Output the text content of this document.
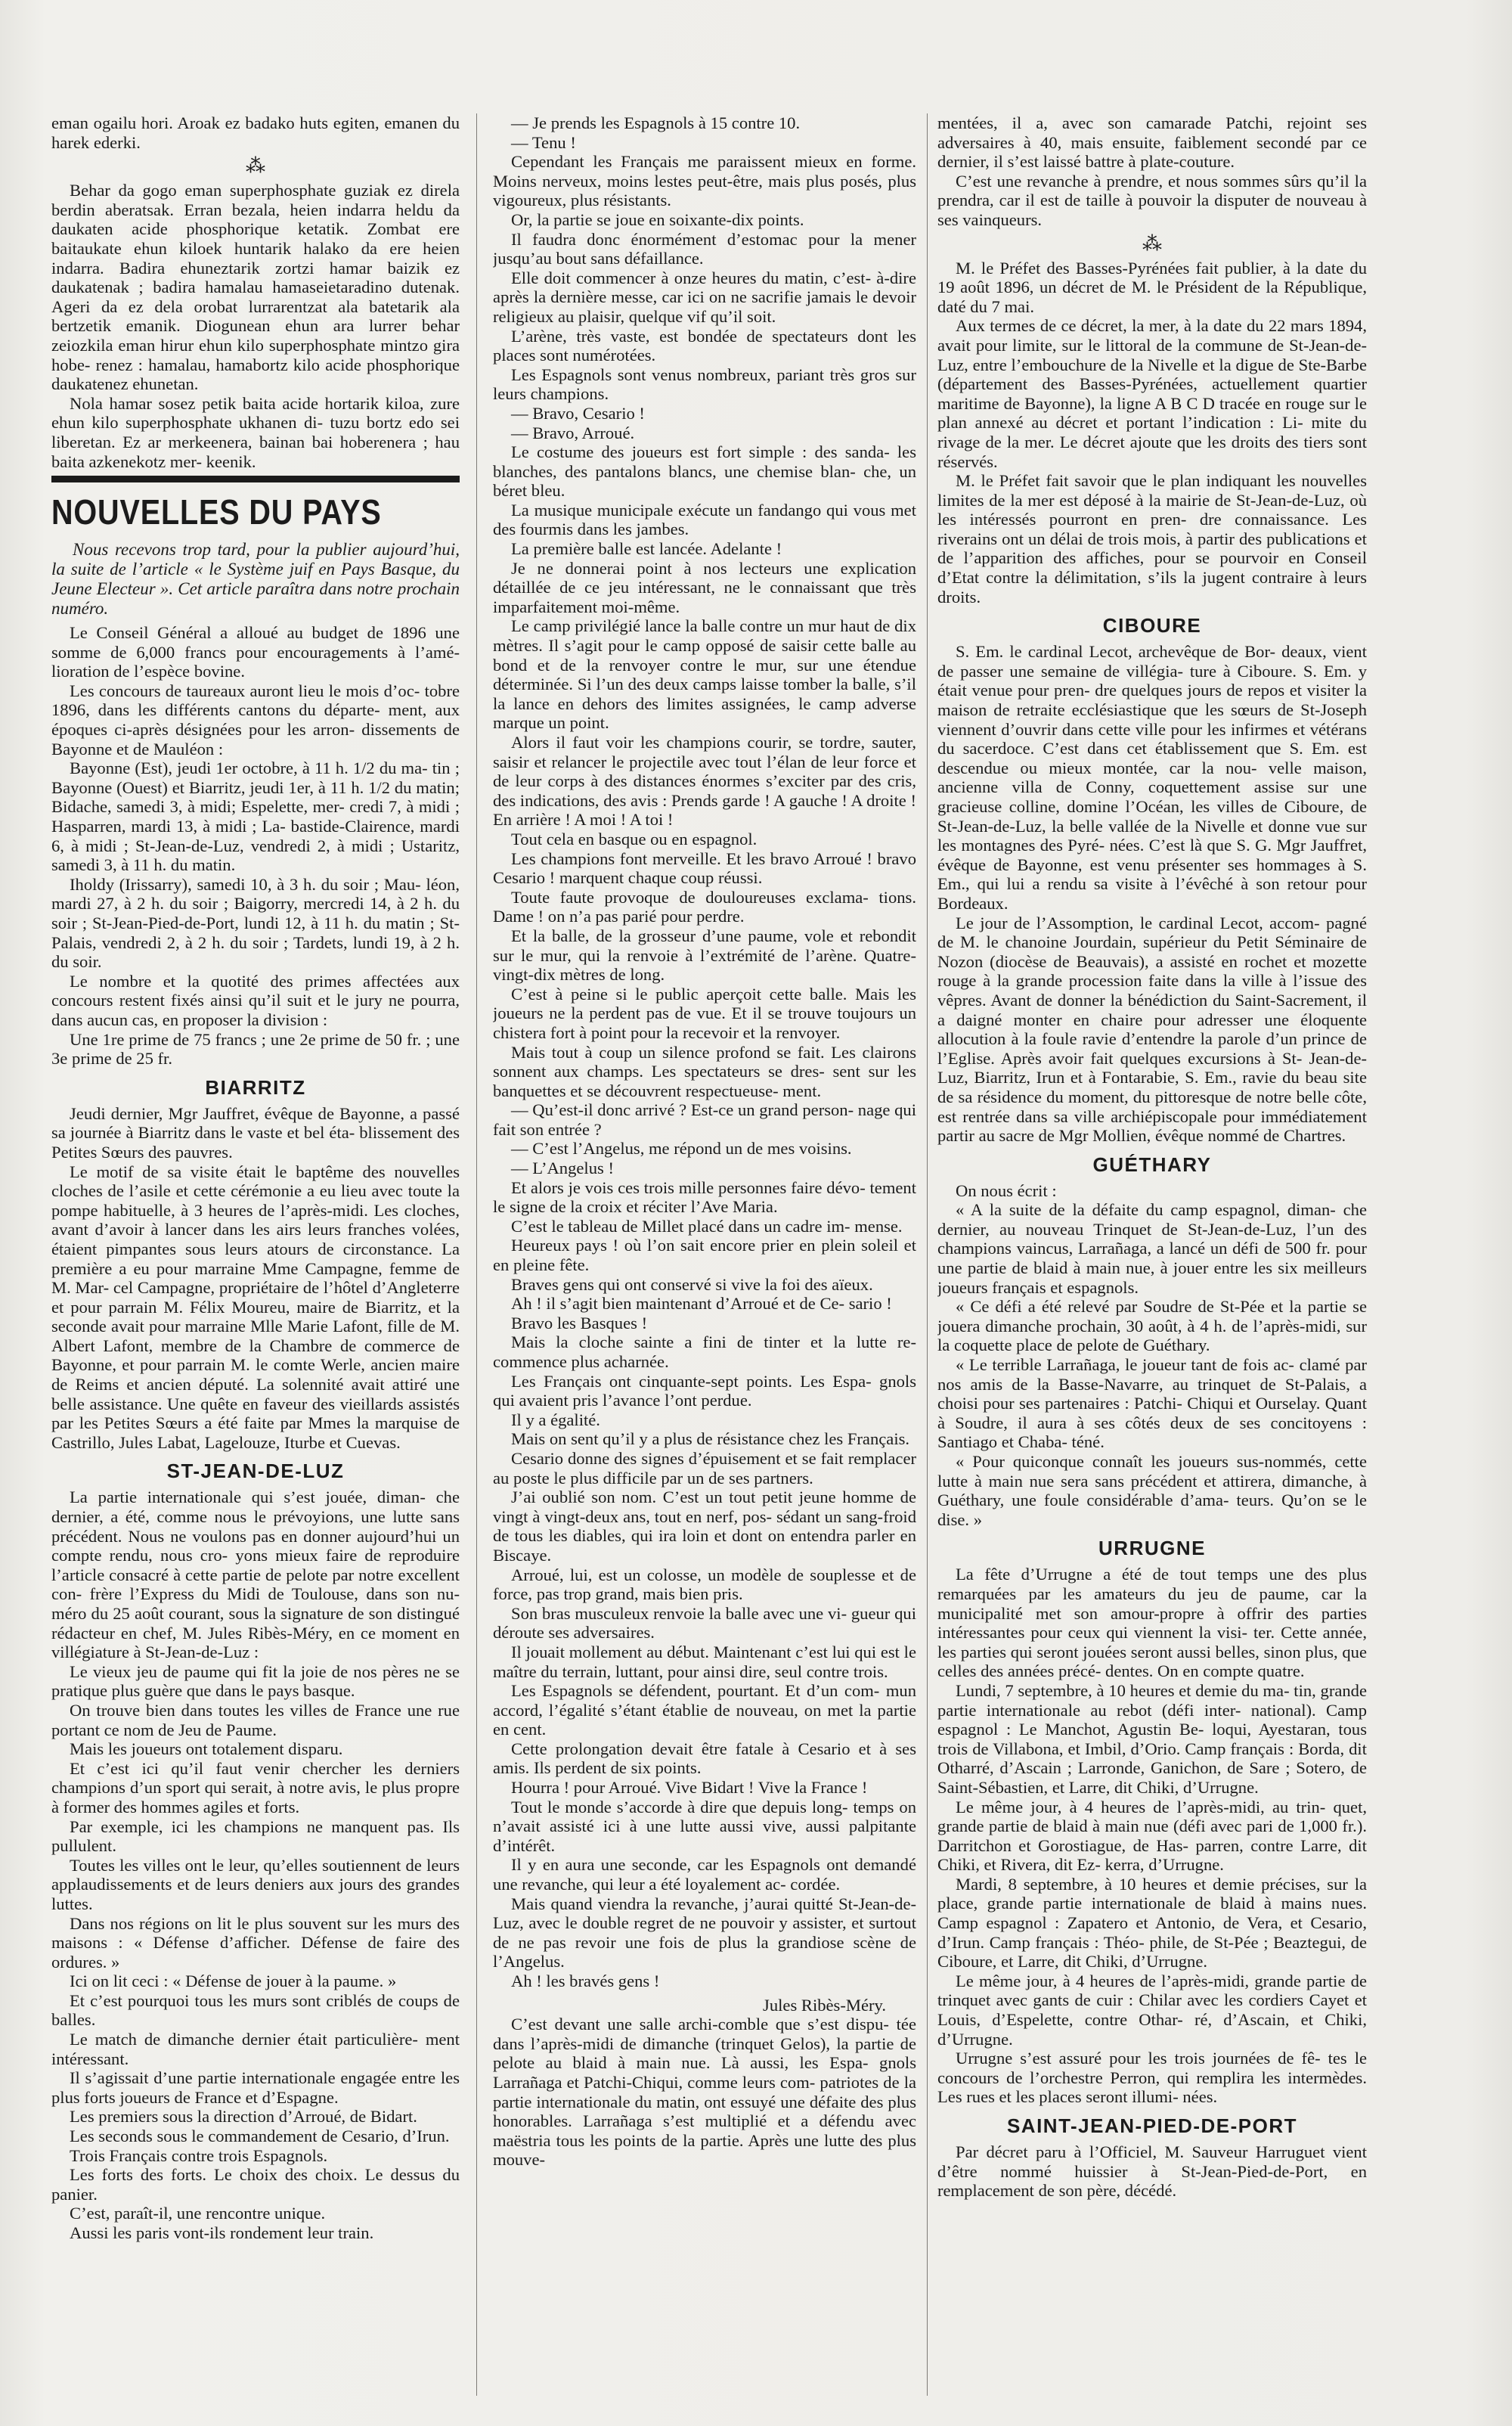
eman ogailu hori. Aroak ez badako huts egiten, emanen du harek ederki.

⁂

Behar da gogo eman superphosphate guziak ez direla berdin aberatsak. Erran bezala, heien indarra heldu da daukaten acide phosphorique ketatik. Zombat ere baitaukate ehun kiloek huntarik halako da ere heien indarra. Badira ehuneztarik zortzi hamar baizik ez daukatenak ; badira hamalau hamaseietaradino dutenak. Ageri da ez dela orobat lurrarentzat ala batetarik ala bertzetik emanik. Diogunean ehun ara lurrer behar zeiozkila eman hirur ehun kilo superphosphate mintzo gira hobe- renez : hamalau, hamabortz kilo acide phosphorique daukatenez ehunetan.

Nola hamar sosez petik baita acide hortarik kiloa, zure ehun kilo superphosphate ukhanen di- tuzu bortz edo sei liberetan. Ez ar merkeenera, bainan bai hoberenera ; hau baita azkenekotz mer- keenik.

NOUVELLES DU PAYS
Nous recevons trop tard, pour la publier aujourd’hui, la suite de l’article « le Système juif en Pays Basque, du Jeune Electeur ». Cet article paraîtra dans notre prochain numéro.

Le Conseil Général a alloué au budget de 1896 une somme de 6,000 francs pour encouragements à l’amé- lioration de l’espèce bovine.

Les concours de taureaux auront lieu le mois d’oc- tobre 1896, dans les différents cantons du départe- ment, aux époques ci-après désignées pour les arron- dissements de Bayonne et de Mauléon :

Bayonne (Est), jeudi 1er octobre, à 11 h. 1/2 du ma- tin ; Bayonne (Ouest) et Biarritz, jeudi 1er, à 11 h. 1/2 du matin; Bidache, samedi 3, à midi; Espelette, mer- credi 7, à midi ; Hasparren, mardi 13, à midi ; La- bastide-Clairence, mardi 6, à midi ; St-Jean-de-Luz, vendredi 2, à midi ; Ustaritz, samedi 3, à 11 h. du matin.

Iholdy (Irissarry), samedi 10, à 3 h. du soir ; Mau- léon, mardi 27, à 2 h. du soir ; Baigorry, mercredi 14, à 2 h. du soir ; St-Jean-Pied-de-Port, lundi 12, à 11 h. du matin ; St-Palais, vendredi 2, à 2 h. du soir ; Tardets, lundi 19, à 2 h. du soir.

Le nombre et la quotité des primes affectées aux concours restent fixés ainsi qu’il suit et le jury ne pourra, dans aucun cas, en proposer la division :

Une 1re prime de 75 francs ; une 2e prime de 50 fr. ; une 3e prime de 25 fr.

BIARRITZ

Jeudi dernier, Mgr Jauffret, évêque de Bayonne, a passé sa journée à Biarritz dans le vaste et bel éta- blissement des Petites Sœurs des pauvres.

Le motif de sa visite était le baptême des nouvelles cloches de l’asile et cette cérémonie a eu lieu avec toute la pompe habituelle, à 3 heures de l’après-midi. Les cloches, avant d’avoir à lancer dans les airs leurs franches volées, étaient pimpantes sous leurs atours de circonstance. La première a eu pour marraine Mme Campagne, femme de M. Mar- cel Campagne, propriétaire de l’hôtel d’Angleterre et pour parrain M. Félix Moureu, maire de Biarritz, et la seconde avait pour marraine Mlle Marie Lafont, fille de M. Albert Lafont, membre de la Chambre de commerce de Bayonne, et pour parrain M. le comte Werle, ancien maire de Reims et ancien député. La solennité avait attiré une belle assistance. Une quête en faveur des vieillards assistés par les Petites Sœurs a été faite par Mmes la marquise de Castrillo, Jules Labat, Lagelouze, Iturbe et Cuevas.

ST-JEAN-DE-LUZ

La partie internationale qui s’est jouée, diman- che dernier, a été, comme nous le prévoyions, une lutte sans précédent. Nous ne voulons pas en donner aujourd’hui un compte rendu, nous cro- yons mieux faire de reproduire l’article consacré à cette partie de pelote par notre excellent con- frère l’Express du Midi de Toulouse, dans son nu- méro du 25 août courant, sous la signature de son distingué rédacteur en chef, M. Jules Ribès-Méry, en ce moment en villégiature à St-Jean-de-Luz :

Le vieux jeu de paume qui fit la joie de nos pères ne se pratique plus guère que dans le pays basque.

On trouve bien dans toutes les villes de France une rue portant ce nom de Jeu de Paume.

Mais les joueurs ont totalement disparu.

Et c’est ici qu’il faut venir chercher les derniers champions d’un sport qui serait, à notre avis, le plus propre à former des hommes agiles et forts.

Par exemple, ici les champions ne manquent pas. Ils pullulent.

Toutes les villes ont le leur, qu’elles soutiennent de leurs applaudissements et de leurs deniers aux jours des grandes luttes.

Dans nos régions on lit le plus souvent sur les murs des maisons : « Défense d’afficher. Défense de faire des ordures. »

Ici on lit ceci : « Défense de jouer à la paume. »

Et c’est pourquoi tous les murs sont criblés de coups de balles.

Le match de dimanche dernier était particulière- ment intéressant.

Il s’agissait d’une partie internationale engagée entre les plus forts joueurs de France et d’Espagne.

Les premiers sous la direction d’Arroué, de Bidart.

Les seconds sous le commandement de Cesario, d’Irun.

Trois Français contre trois Espagnols.

Les forts des forts. Le choix des choix. Le dessus du panier.

C’est, paraît-il, une rencontre unique.

Aussi les paris vont-ils rondement leur train.

— Je prends les Espagnols à 15 contre 10.

— Tenu !

Cependant les Français me paraissent mieux en forme. Moins nerveux, moins lestes peut-être, mais plus posés, plus vigoureux, plus résistants.

Or, la partie se joue en soixante-dix points.

Il faudra donc énormément d’estomac pour la mener jusqu’au bout sans défaillance.

Elle doit commencer à onze heures du matin, c’est- à-dire après la dernière messe, car ici on ne sacrifie jamais le devoir religieux au plaisir, quelque vif qu’il soit.

L’arène, très vaste, est bondée de spectateurs dont les places sont numérotées.

Les Espagnols sont venus nombreux, pariant très gros sur leurs champions.

— Bravo, Cesario !

— Bravo, Arroué.

Le costume des joueurs est fort simple : des sanda- les blanches, des pantalons blancs, une chemise blan- che, un béret bleu.

La musique municipale exécute un fandango qui vous met des fourmis dans les jambes.

La première balle est lancée. Adelante !

Je ne donnerai point à nos lecteurs une explication détaillée de ce jeu intéressant, ne le connaissant que très imparfaitement moi-même.

Le camp privilégié lance la balle contre un mur haut de dix mètres. Il s’agit pour le camp opposé de saisir cette balle au bond et de la renvoyer contre le mur, sur une étendue déterminée. Si l’un des deux camps laisse tomber la balle, s’il la lance en dehors des limites assignées, le camp adverse marque un point.

Alors il faut voir les champions courir, se tordre, sauter, saisir et relancer le projectile avec tout l’élan de leur force et de leur corps à des distances énormes s’exciter par des cris, des indications, des avis : Prends garde ! A gauche ! A droite ! En arrière ! A moi ! A toi !

Tout cela en basque ou en espagnol.

Les champions font merveille. Et les bravo Arroué ! bravo Cesario ! marquent chaque coup réussi.

Toute faute provoque de douloureuses exclama- tions. Dame ! on n’a pas parié pour perdre.

Et la balle, de la grosseur d’une paume, vole et rebondit sur le mur, qui la renvoie à l’extrémité de l’arène. Quatre-vingt-dix mètres de long.

C’est à peine si le public aperçoit cette balle. Mais les joueurs ne la perdent pas de vue. Et il se trouve toujours un chistera fort à point pour la recevoir et la renvoyer.

Mais tout à coup un silence profond se fait. Les clairons sonnent aux champs. Les spectateurs se dres- sent sur les banquettes et se découvrent respectueuse- ment.

— Qu’est-il donc arrivé ? Est-ce un grand person- nage qui fait son entrée ?

— C’est l’Angelus, me répond un de mes voisins.

— L’Angelus !

Et alors je vois ces trois mille personnes faire dévo- tement le signe de la croix et réciter l’Ave Maria.

C’est le tableau de Millet placé dans un cadre im- mense.

Heureux pays ! où l’on sait encore prier en plein soleil et en pleine fête.

Braves gens qui ont conservé si vive la foi des aïeux.

Ah ! il s’agit bien maintenant d’Arroué et de Ce- sario !

Bravo les Basques !

Mais la cloche sainte a fini de tinter et la lutte re- commence plus acharnée.

Les Français ont cinquante-sept points. Les Espa- gnols qui avaient pris l’avance l’ont perdue.

Il y a égalité.

Mais on sent qu’il y a plus de résistance chez les Français.

Cesario donne des signes d’épuisement et se fait remplacer au poste le plus difficile par un de ses partners.

J’ai oublié son nom. C’est un tout petit jeune homme de vingt à vingt-deux ans, tout en nerf, pos- sédant un sang-froid de tous les diables, qui ira loin et dont on entendra parler en Biscaye.

Arroué, lui, est un colosse, un modèle de souplesse et de force, pas trop grand, mais bien pris.

Son bras musculeux renvoie la balle avec une vi- gueur qui déroute ses adversaires.

Il jouait mollement au début. Maintenant c’est lui qui est le maître du terrain, luttant, pour ainsi dire, seul contre trois.

Les Espagnols se défendent, pourtant. Et d’un com- mun accord, l’égalité s’étant établie de nouveau, on met la partie en cent.

Cette prolongation devait être fatale à Cesario et à ses amis. Ils perdent de six points.

Hourra ! pour Arroué. Vive Bidart ! Vive la France !

Tout le monde s’accorde à dire que depuis long- temps on n’avait assisté ici à une lutte aussi vive, aussi palpitante d’intérêt.

Il y en aura une seconde, car les Espagnols ont demandé une revanche, qui leur a été loyalement ac- cordée.

Mais quand viendra la revanche, j’aurai quitté St-Jean-de-Luz, avec le double regret de ne pouvoir y assister, et surtout de ne pas revoir une fois de plus la grandiose scène de l’Angelus.

Ah ! les bravés gens !

Jules Ribès-Méry.

C’est devant une salle archi-comble que s’est dispu- tée dans l’après-midi de dimanche (trinquet Gelos), la partie de pelote au blaid à main nue. Là aussi, les Espa- gnols Larrañaga et Patchi-Chiqui, comme leurs com- patriotes de la partie internationale du matin, ont essuyé une défaite des plus honorables. Larrañaga s’est multiplié et a défendu avec maëstria tous les points de la partie. Après une lutte des plus mouve-

mentées, il a, avec son camarade Patchi, rejoint ses adversaires à 40, mais ensuite, faiblement secondé par ce dernier, il s’est laissé battre à plate-couture.

C’est une revanche à prendre, et nous sommes sûrs qu’il la prendra, car il est de taille à pouvoir la disputer de nouveau à ses vainqueurs.

⁂

M. le Préfet des Basses-Pyrénées fait publier, à la date du 19 août 1896, un décret de M. le Président de la République, daté du 7 mai.

Aux termes de ce décret, la mer, à la date du 22 mars 1894, avait pour limite, sur le littoral de la commune de St-Jean-de-Luz, entre l’embouchure de la Nivelle et la digue de Ste-Barbe (département des Basses-Pyrénées, actuellement quartier maritime de Bayonne), la ligne A B C D tracée en rouge sur le plan annexé au décret et portant l’indication : Li- mite du rivage de la mer. Le décret ajoute que les droits des tiers sont réservés.

M. le Préfet fait savoir que le plan indiquant les nouvelles limites de la mer est déposé à la mairie de St-Jean-de-Luz, où les intéressés pourront en pren- dre connaissance. Les riverains ont un délai de trois mois, à partir des publications et de l’apparition des affiches, pour se pourvoir en Conseil d’Etat contre la délimitation, s’ils la jugent contraire à leurs droits.

CIBOURE

S. Em. le cardinal Lecot, archevêque de Bor- deaux, vient de passer une semaine de villégia- ture à Ciboure. S. Em. y était venue pour pren- dre quelques jours de repos et visiter la maison de retraite ecclésiastique que les sœurs de St-Joseph viennent d’ouvrir dans cette ville pour les infirmes et vétérans du sacerdoce. C’est dans cet établissement que S. Em. est descendue ou mieux montée, car la nou- velle maison, ancienne villa de Conny, coquettement assise sur une gracieuse colline, domine l’Océan, les villes de Ciboure, de St-Jean-de-Luz, la belle vallée de la Nivelle et donne vue sur les montagnes des Pyré- nées. C’est là que S. G. Mgr Jauffret, évêque de Bayonne, est venu présenter ses hommages à S. Em., qui lui a rendu sa visite à l’évêché à son retour pour Bordeaux.

Le jour de l’Assomption, le cardinal Lecot, accom- pagné de M. le chanoine Jourdain, supérieur du Petit Séminaire de Nozon (diocèse de Beauvais), a assisté en rochet et mozette rouge à la grande procession faite dans la ville à l’issue des vêpres. Avant de donner la bénédiction du Saint-Sacrement, il a daigné monter en chaire pour adresser une éloquente allocution à la foule ravie d’entendre la parole d’un prince de l’Eglise. Après avoir fait quelques excursions à St- Jean-de-Luz, Biarritz, Irun et à Fontarabie, S. Em., ravie du beau site de sa résidence du moment, du pittoresque de notre belle côte, est rentrée dans sa ville archiépiscopale pour immédiatement partir au sacre de Mgr Mollien, évêque nommé de Chartres.

GUÉTHARY

On nous écrit :

« A la suite de la défaite du camp espagnol, diman- che dernier, au nouveau Trinquet de St-Jean-de-Luz, l’un des champions vaincus, Larrañaga, a lancé un défi de 500 fr. pour une partie de blaid à main nue, à jouer entre les six meilleurs joueurs français et espagnols.

« Ce défi a été relevé par Soudre de St-Pée et la partie se jouera dimanche prochain, 30 août, à 4 h. de l’après-midi, sur la coquette place de pelote de Guéthary.

« Le terrible Larrañaga, le joueur tant de fois ac- clamé par nos amis de la Basse-Navarre, au trinquet de St-Palais, a choisi pour ses partenaires : Patchi- Chiqui et Ourselay. Quant à Soudre, il aura à ses côtés deux de ses concitoyens : Santiago et Chaba- téné.

« Pour quiconque connaît les joueurs sus-nommés, cette lutte à main nue sera sans précédent et attirera, dimanche, à Guéthary, une foule considérable d’ama- teurs. Qu’on se le dise. »

URRUGNE

La fête d’Urrugne a été de tout temps une des plus remarquées par les amateurs du jeu de paume, car la municipalité met son amour-propre à offrir des parties intéressantes pour ceux qui viennent la visi- ter. Cette année, les parties qui seront jouées seront aussi belles, sinon plus, que celles des années précé- dentes. On en compte quatre.

Lundi, 7 septembre, à 10 heures et demie du ma- tin, grande partie internationale au rebot (défi inter- national). Camp espagnol : Le Manchot, Agustin Be- loqui, Ayestaran, tous trois de Villabona, et Imbil, d’Orio. Camp français : Borda, dit Otharré, d’Ascain ; Larronde, Ganichon, de Sare ; Sotero, de Saint-Sébastien, et Larre, dit Chiki, d’Urrugne.

Le même jour, à 4 heures de l’après-midi, au trin- quet, grande partie de blaid à main nue (défi avec pari de 1,000 fr.). Darritchon et Gorostiague, de Has- parren, contre Larre, dit Chiki, et Rivera, dit Ez- kerra, d’Urrugne.

Mardi, 8 septembre, à 10 heures et demie précises, sur la place, grande partie internationale de blaid à mains nues. Camp espagnol : Zapatero et Antonio, de Vera, et Cesario, d’Irun. Camp français : Théo- phile, de St-Pée ; Beaztegui, de Ciboure, et Larre, dit Chiki, d’Urrugne.

Le même jour, à 4 heures de l’après-midi, grande partie de trinquet avec gants de cuir : Chilar avec les cordiers Cayet et Louis, d’Espelette, contre Othar- ré, d’Ascain, et Chiki, d’Urrugne.

Urrugne s’est assuré pour les trois journées de fê- tes le concours de l’orchestre Perron, qui remplira les intermèdes. Les rues et les places seront illumi- nées.

SAINT-JEAN-PIED-DE-PORT

Par décret paru à l’Officiel, M. Sauveur Harruguet vient d’être nommé huissier à St-Jean-Pied-de-Port, en remplacement de son père, décédé.
